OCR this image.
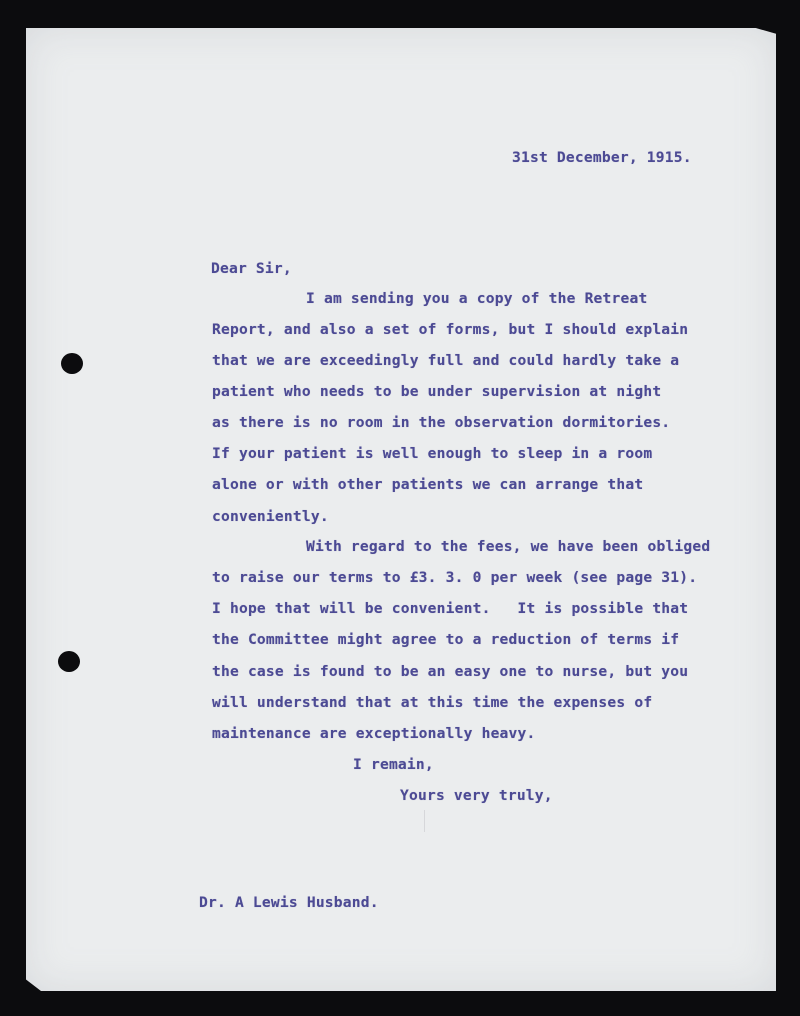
31st December, 1915.
Dear Sir,
I am sending you a copy of the Retreat
Report, and also a set of forms, but I should explain
that we are exceedingly full and could hardly take a
patient who needs to be under supervision at night
as there is no room in the observation dormitories.
If your patient is well enough to sleep in a room
alone or with other patients we can arrange that
conveniently.
With regard to the fees, we have been obliged
to raise our terms to £3. 3. 0 per week (see page 31).
I hope that will be convenient.   It is possible that
the Committee might agree to a reduction of terms if
the case is found to be an easy one to nurse, but you
will understand that at this time the expenses of
maintenance are exceptionally heavy.
I remain,
Yours very truly,
Dr. A Lewis Husband.
